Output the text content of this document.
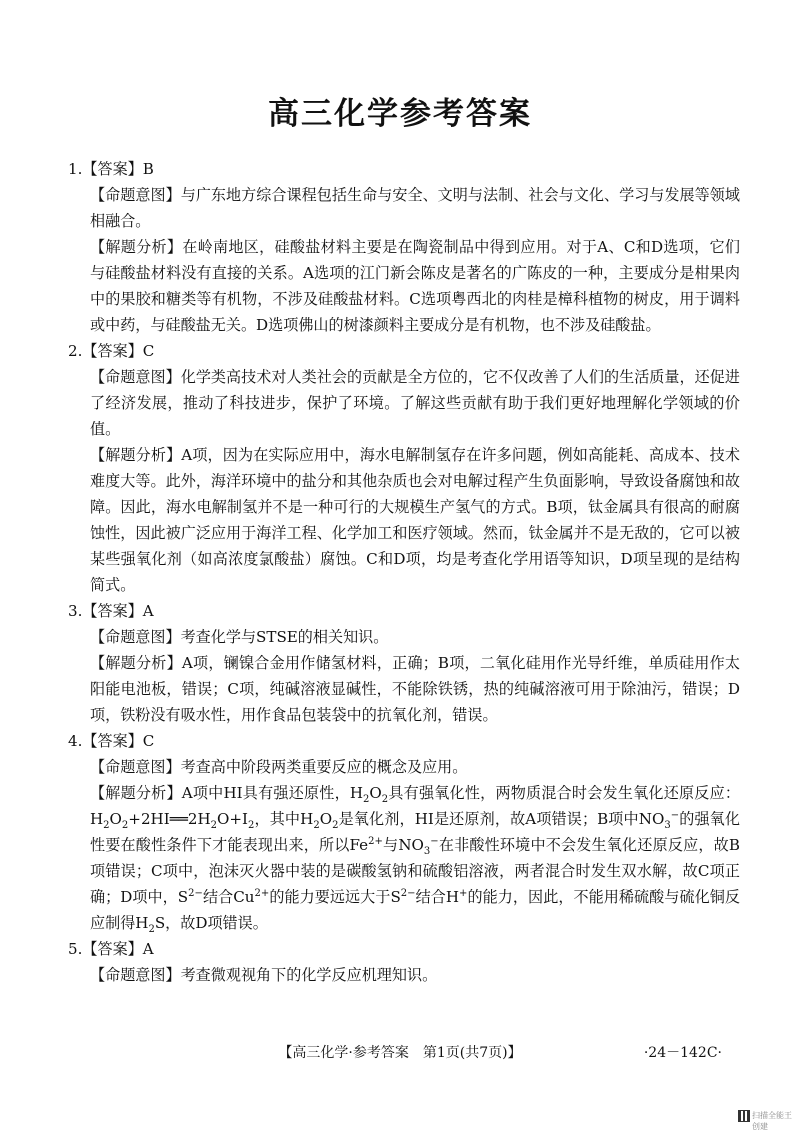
高三化学参考答案

1.【答案】B

【命题意图】与广东地方综合课程包括生命与安全、文明与法制、社会与文化、学习与发展等领域相融合。

【解题分析】在岭南地区，硅酸盐材料主要是在陶瓷制品中得到应用。对于A、C和D选项，它们与硅酸盐材料没有直接的关系。A选项的江门新会陈皮是著名的广陈皮的一种，主要成分是柑果肉中的果胶和糖类等有机物，不涉及硅酸盐材料。C选项粤西北的肉桂是樟科植物的树皮，用于调料或中药，与硅酸盐无关。D选项佛山的树漆颜料主要成分是有机物，也不涉及硅酸盐。

2.【答案】C

【命题意图】化学类高技术对人类社会的贡献是全方位的，它不仅改善了人们的生活质量，还促进了经济发展，推动了科技进步，保护了环境。了解这些贡献有助于我们更好地理解化学领域的价值。

【解题分析】A项，因为在实际应用中，海水电解制氢存在许多问题，例如高能耗、高成本、技术难度大等。此外，海洋环境中的盐分和其他杂质也会对电解过程产生负面影响，导致设备腐蚀和故障。因此，海水电解制氢并不是一种可行的大规模生产氢气的方式。B项，钛金属具有很高的耐腐蚀性，因此被广泛应用于海洋工程、化学加工和医疗领域。然而，钛金属并不是无敌的，它可以被某些强氧化剂（如高浓度氯酸盐）腐蚀。C和D项，均是考查化学用语等知识，D项呈现的是结构简式。

3.【答案】A

【命题意图】考查化学与STSE的相关知识。

【解题分析】A项，镧镍合金用作储氢材料，正确；B项，二氧化硅用作光导纤维，单质硅用作太阳能电池板，错误；C项，纯碱溶液显碱性，不能除铁锈，热的纯碱溶液可用于除油污，错误；D项，铁粉没有吸水性，用作食品包装袋中的抗氧化剂，错误。

4.【答案】C

【命题意图】考查高中阶段两类重要反应的概念及应用。

【解题分析】A项中HI具有强还原性，$H_2O_2$具有强氧化性，两物质混合时会发生氧化还原反应：$H_2O_2+2HI══2H_2O+I_2$，其中$H_2O_2$是氧化剂，HI是还原剂，故A项错误；B项中$NO_3^-$的强氧化性要在酸性条件下才能表现出来，所以$Fe^{2+}$与$NO_3^-$在非酸性环境中不会发生氧化还原反应，故B项错误；C项中，泡沫灭火器中装的是碳酸氢钠和硫酸铝溶液，两者混合时发生双水解，故C项正确；D项中，$S^{2-}$结合$Cu^{2+}$的能力要远远大于$S^{2-}$结合H+的能力，因此，不能用稀硫酸与硫化铜反应制得$H_2S$，故D项错误。

5.【答案】A

【命题意图】考查微观视角下的化学反应机理知识。

【高三化学·参考答案　第1页(共7页)】	·24－142C·
扫描全能王 创建
